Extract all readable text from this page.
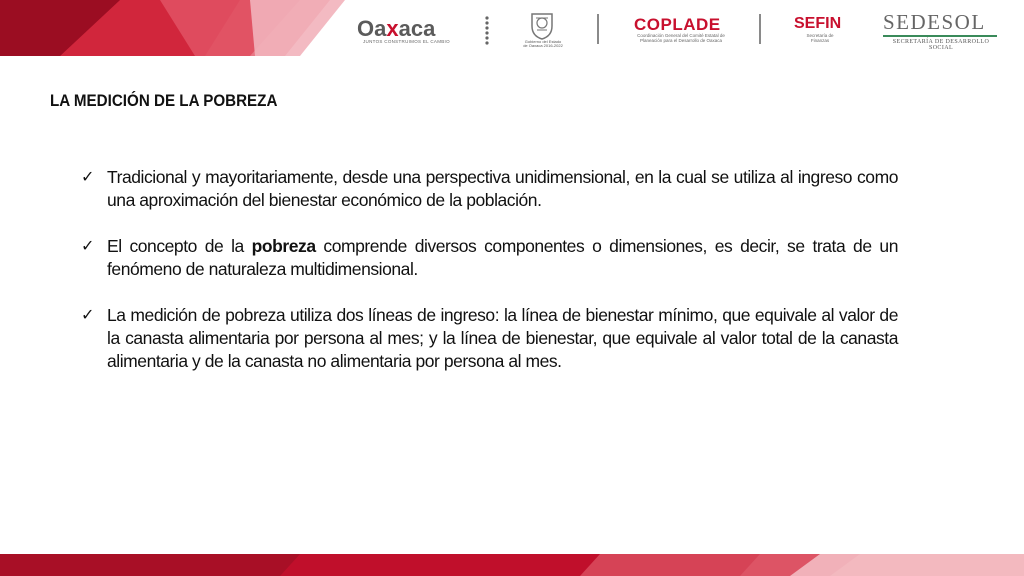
Oaxaca
JUNTOS CONSTRUIMOS EL CAMBIO	Gobierno del Estado de Oaxaca 2016-2022
COPLADE
Coordinación General del Comité Estatal de Planeación para el Desarrollo de Oaxaca
SEFIN
Secretaría de Finanzas
SEDESOL
SECRETARÍA DE DESARROLLO SOCIAL
LA MEDICIÓN DE LA POBREZA
✓ Tradicional y mayoritariamente, desde una perspectiva unidimensional, en la cual se utiliza al ingreso como una aproximación del bienestar económico de la población.
✓ El concepto de la pobreza comprende diversos componentes o dimensiones, es decir, se trata de un fenómeno de naturaleza multidimensional.
✓ La medición de pobreza utiliza dos líneas de ingreso: la línea de bienestar mínimo, que equivale al valor de la canasta alimentaria por persona al mes; y la línea de bienestar, que equivale al valor total de la canasta alimentaria y de la canasta no alimentaria por persona al mes.
